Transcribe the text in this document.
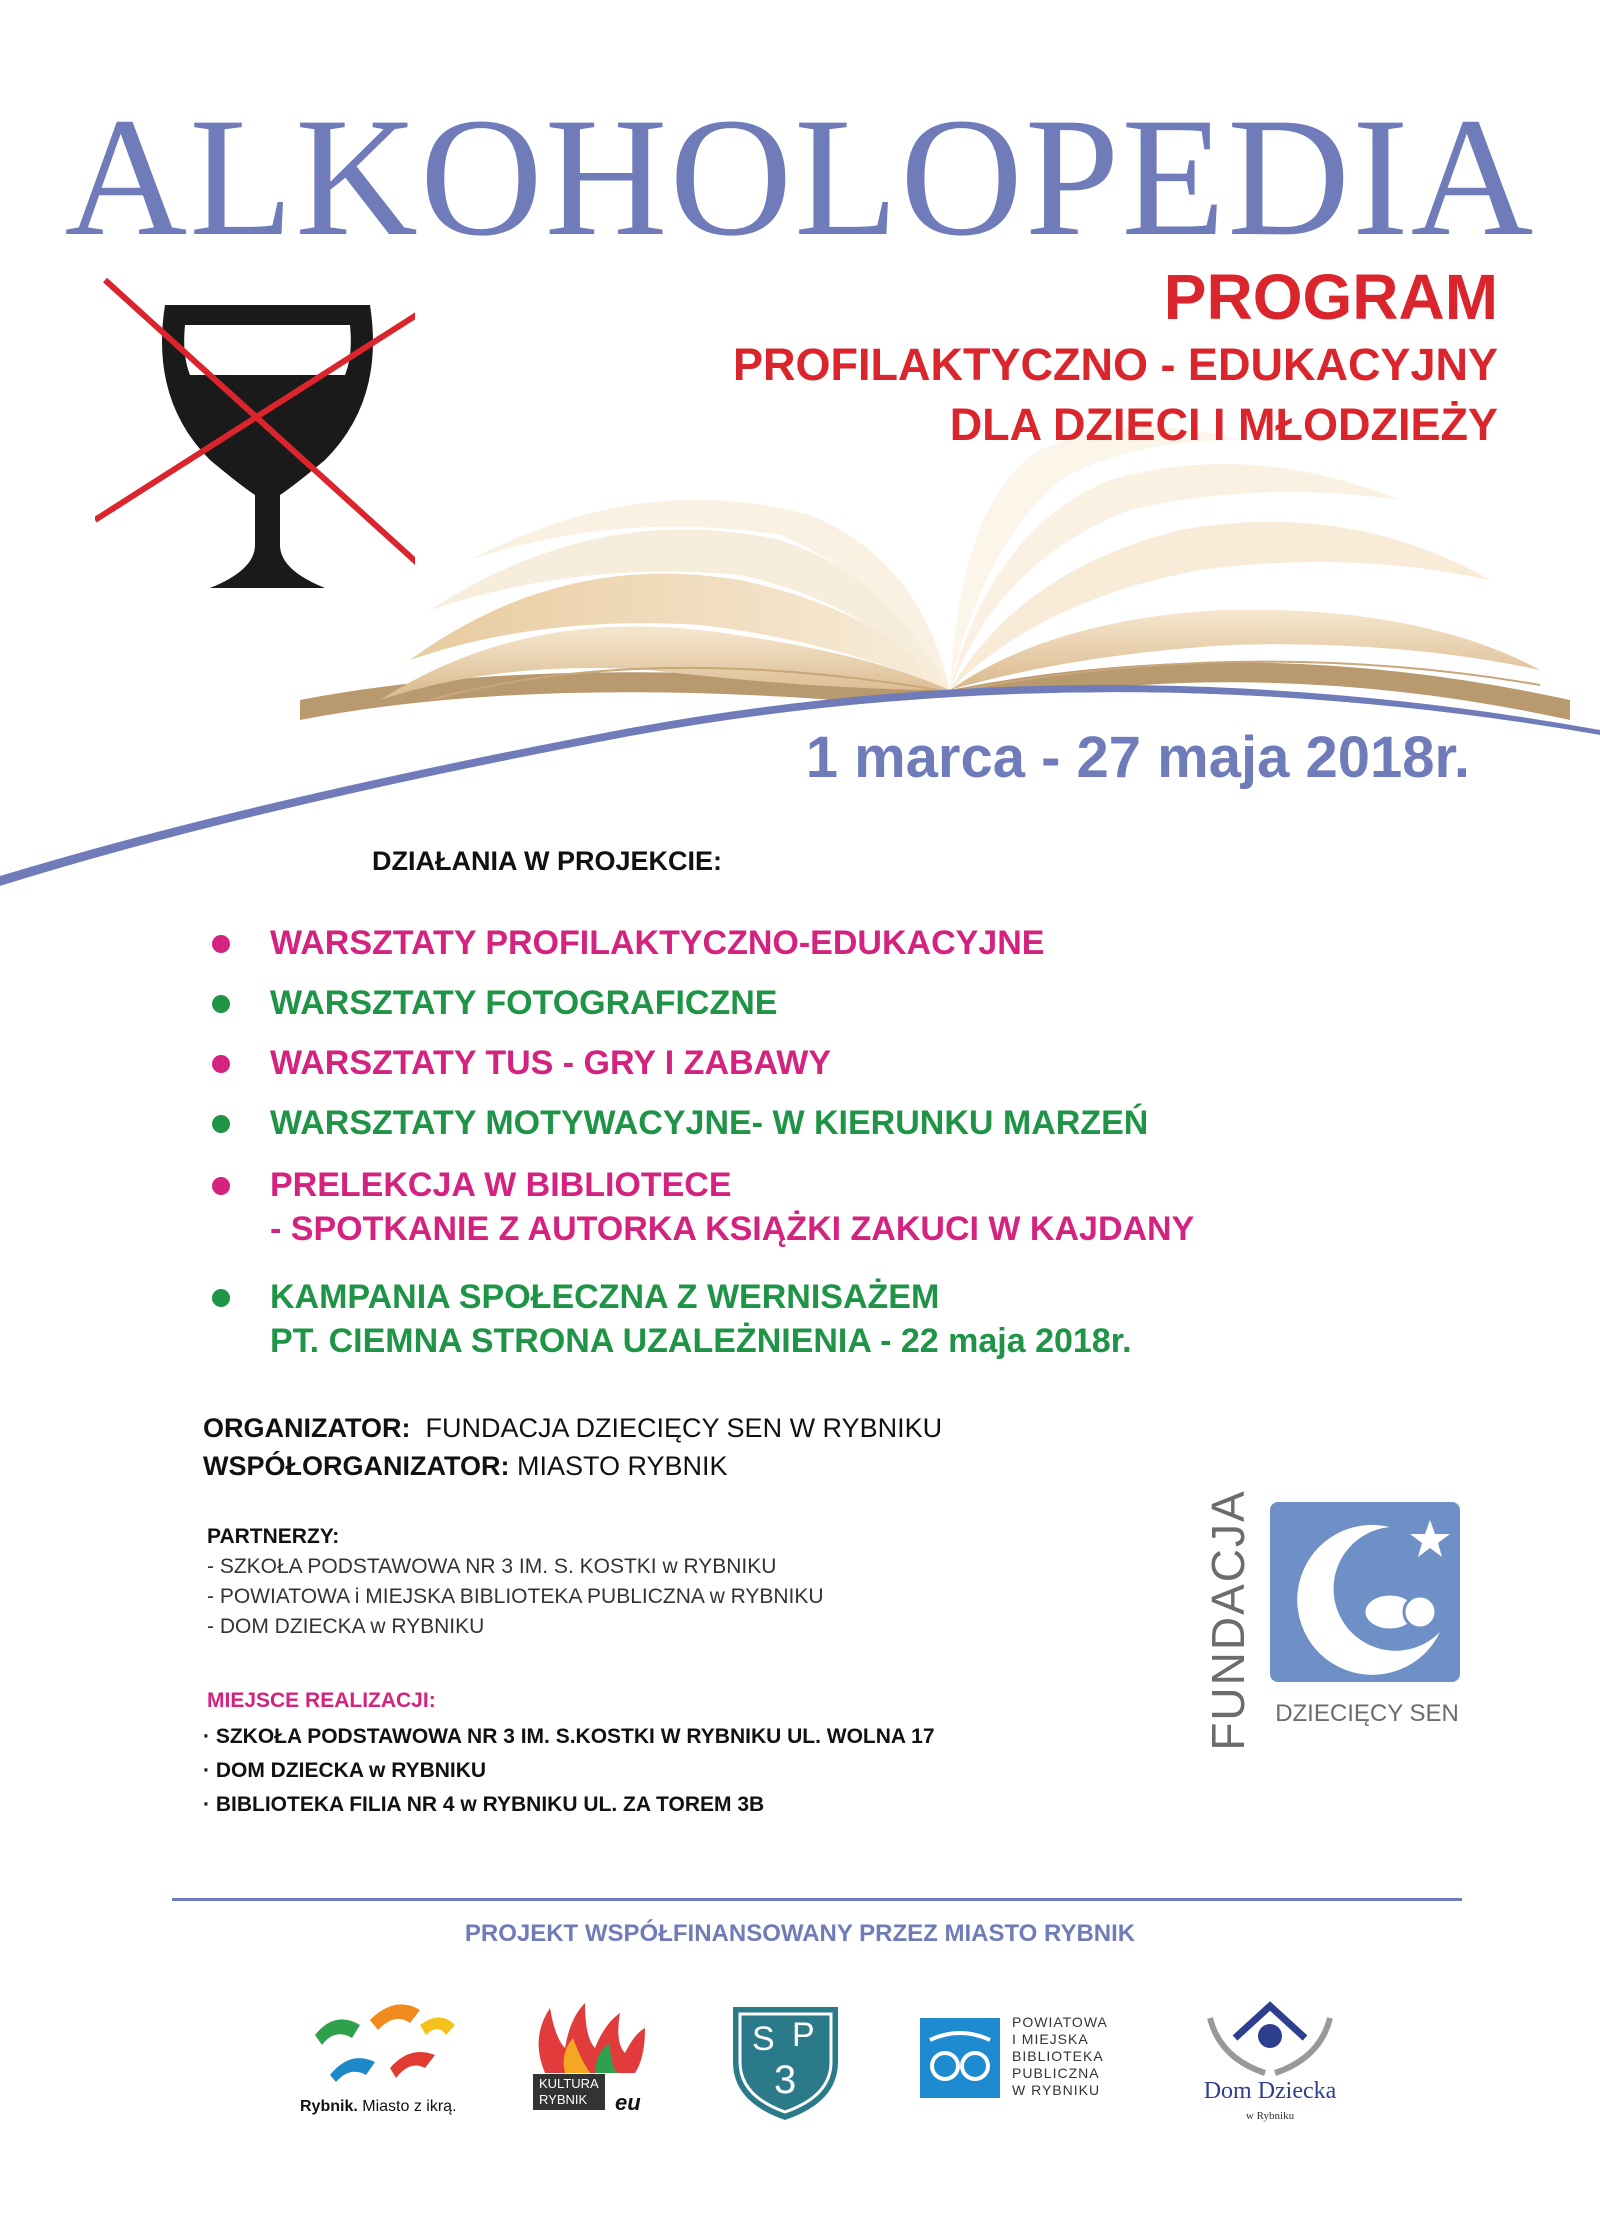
ALKOHOLOPEDIA
PROGRAM
PROFILAKTYCZNO - EDUKACYJNY
DLA DZIECI I MŁODZIEŻY
1 marca - 27 maja 2018r.
DZIAŁANIA W PROJEKCIE:
WARSZTATY PROFILAKTYCZNO-EDUKACYJNE
WARSZTATY FOTOGRAFICZNE
WARSZTATY TUS - GRY I ZABAWY
WARSZTATY MOTYWACYJNE- W KIERUNKU MARZEŃ
PRELEKCJA W BIBLIOTECE
- SPOTKANIE Z AUTORKA KSIĄŻKI ZAKUCI W KAJDANY
KAMPANIA SPOŁECZNA Z WERNISAŻEM
PT. CIEMNA STRONA UZALEŻNIENIA - 22 maja 2018r.
ORGANIZATOR: FUNDACJA DZIECIĘCY SEN W RYBNIKU
WSPÓŁORGANIZATOR: MIASTO RYBNIK
PARTNERZY:
- SZKOŁA PODSTAWOWA NR 3 IM. S. KOSTKI w RYBNIKU
- POWIATOWA i MIEJSKA BIBLIOTEKA PUBLICZNA w RYBNIKU
- DOM DZIECKA w RYBNIKU
MIEJSCE REALIZACJI:
· SZKOŁA PODSTAWOWA NR 3 IM. S.KOSTKI W RYBNIKU UL. WOLNA 17
· DOM DZIECKA w RYBNIKU
· BIBLIOTEKA FILIA NR 4 w RYBNIKU UL. ZA TOREM 3B
FUNDACJA DZIECIĘCY SEN
PROJEKT WSPÓŁFINANSOWANY PRZEZ MIASTO RYBNIK
Rybnik. Miasto z ikrą.
KULTURA
RYBNIK	eu
S P
3
POWIATOWA
I MIEJSKA
BIBLIOTEKA
PUBLICZNA
W RYBNIKU	Dom Dziecka
w Rybniku
